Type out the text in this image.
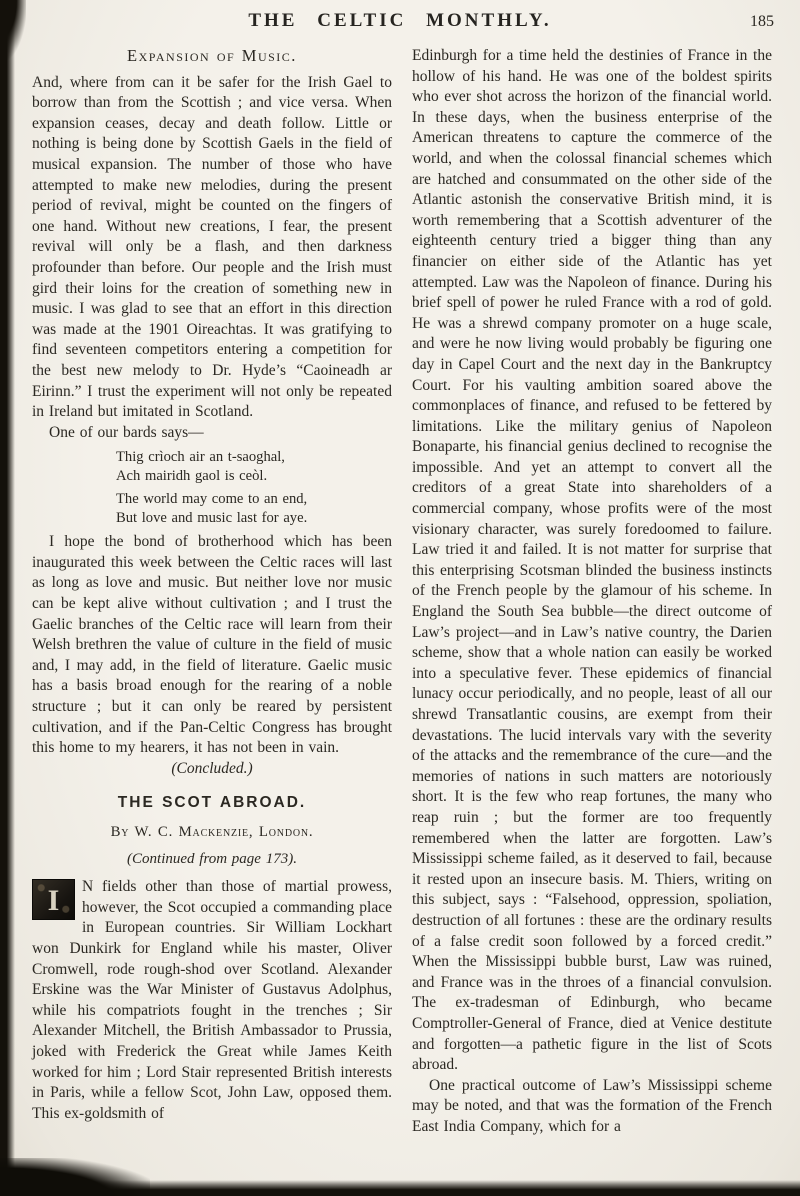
THE CELTIC MONTHLY.	185
Expansion of Music.

And, where from can it be safer for the Irish Gael to borrow than from the Scottish ; and vice versa. When expansion ceases, decay and death follow. Little or nothing is being done by Scottish Gaels in the field of musical expansion. The number of those who have attempted to make new melodies, during the present period of revival, might be counted on the fingers of one hand. Without new creations, I fear, the present revival will only be a flash, and then darkness profounder than before. Our people and the Irish must gird their loins for the creation of something new in music. I was glad to see that an effort in this direction was made at the 1901 Oireachtas. It was gratifying to find seventeen competitors entering a competition for the best new melody to Dr. Hyde’s “Caoineadh ar Eirinn.” I trust the experiment will not only be repeated in Ireland but imitated in Scotland.

One of our bards says—

Thig crìoch air an t-saoghal,
Ach mairidh gaol is ceòl.
The world may come to an end,
But love and music last for aye.

I hope the bond of brotherhood which has been inaugurated this week between the Celtic races will last as long as love and music. But neither love nor music can be kept alive without cultivation ; and I trust the Gaelic branches of the Celtic race will learn from their Welsh brethren the value of culture in the field of music and, I may add, in the field of literature. Gaelic music has a basis broad enough for the rearing of a noble structure ; but it can only be reared by persistent cultivation, and if the Pan-Celtic Congress has brought this home to my hearers, it has not been in vain.

(Concluded.)

THE SCOT ABROAD.
By W. C. Mackenzie, London.
(Continued from page 173).

I	N fields other than those of martial prowess, however, the Scot occupied a commanding place in European countries. Sir William Lockhart won Dunkirk for England while his master, Oliver Cromwell, rode rough-shod over Scotland. Alexander Erskine was the War Minister of Gustavus Adolphus, while his compatriots fought in the trenches ; Sir Alexander Mitchell, the British Ambassador to Prussia, joked with Frederick the Great while James Keith worked for him ; Lord Stair represented British interests in Paris, while a fellow Scot, John Law, opposed them. This ex-goldsmith of

Edinburgh for a time held the destinies of France in the hollow of his hand. He was one of the boldest spirits who ever shot across the horizon of the financial world. In these days, when the business enterprise of the American threatens to capture the commerce of the world, and when the colossal financial schemes which are hatched and consummated on the other side of the Atlantic astonish the conservative British mind, it is worth remembering that a Scottish adventurer of the eighteenth century tried a bigger thing than any financier on either side of the Atlantic has yet attempted. Law was the Napoleon of finance. During his brief spell of power he ruled France with a rod of gold. He was a shrewd company promoter on a huge scale, and were he now living would probably be figuring one day in Capel Court and the next day in the Bankruptcy Court. For his vaulting ambition soared above the commonplaces of finance, and refused to be fettered by limitations. Like the military genius of Napoleon Bonaparte, his financial genius declined to recognise the impossible. And yet an attempt to convert all the creditors of a great State into shareholders of a commercial company, whose profits were of the most visionary character, was surely foredoomed to failure. Law tried it and failed. It is not matter for surprise that this enterprising Scotsman blinded the business instincts of the French people by the glamour of his scheme. In England the South Sea bubble—the direct outcome of Law’s project—and in Law’s native country, the Darien scheme, show that a whole nation can easily be worked into a speculative fever. These epidemics of financial lunacy occur periodically, and no people, least of all our shrewd Transatlantic cousins, are exempt from their devastations. The lucid intervals vary with the severity of the attacks and the remembrance of the cure—and the memories of nations in such matters are notoriously short. It is the few who reap fortunes, the many who reap ruin ; but the former are too frequently remembered when the latter are forgotten. Law’s Mississippi scheme failed, as it deserved to fail, because it rested upon an insecure basis. M. Thiers, writing on this subject, says : “Falsehood, oppression, spoliation, destruction of all fortunes : these are the ordinary results of a false credit soon followed by a forced credit.” When the Mississippi bubble burst, Law was ruined, and France was in the throes of a financial convulsion. The ex-tradesman of Edinburgh, who became Comptroller-General of France, died at Venice destitute and forgotten—a pathetic figure in the list of Scots abroad.

One practical outcome of Law’s Mississippi scheme may be noted, and that was the formation of the French East India Company, which for a
